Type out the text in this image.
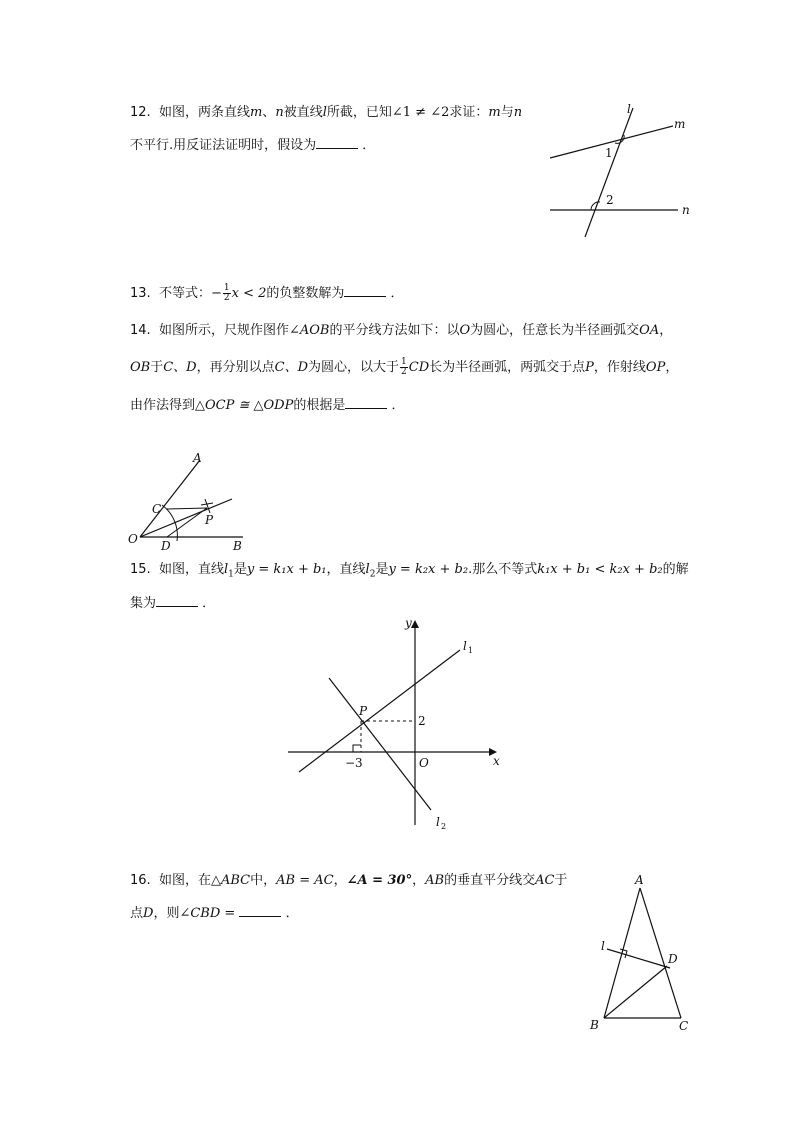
12. 如图，两条直线m、n被直线l所截，已知∠1 ≠ ∠2求证：m与n
不平行.用反证法证明时，假设为	．
l
m
n
1
2
13. 不等式：− $\frac{1}{2}$ x < 2的负整数解为	．
14. 如图所示，尺规作图作∠AOB的平分线方法如下：以O为圆心，任意长为半径画弧交OA，
OB于C、D，再分别以点C、D为圆心，以大于 $\frac{1}{2}$ CD长为半径画弧，两弧交于点P，作射线OP，
由作法得到△OCP ≅ △ODP的根据是	．
A
B
C
D
O
P
15. 如图，直线$l_1$是y = k₁x + b₁，直线$l_2$是y = k₂x + b₂.那么不等式k₁x + b₁ < k₂x + b₂的解
集为	．
y
x
O
P
2
−3
l 1
l 2
16. 如图，在△ABC中，AB = AC，∠A = 30°，AB的垂直平分线交AC于
点D，则∠CBD =	．
A
B	C
D
l
